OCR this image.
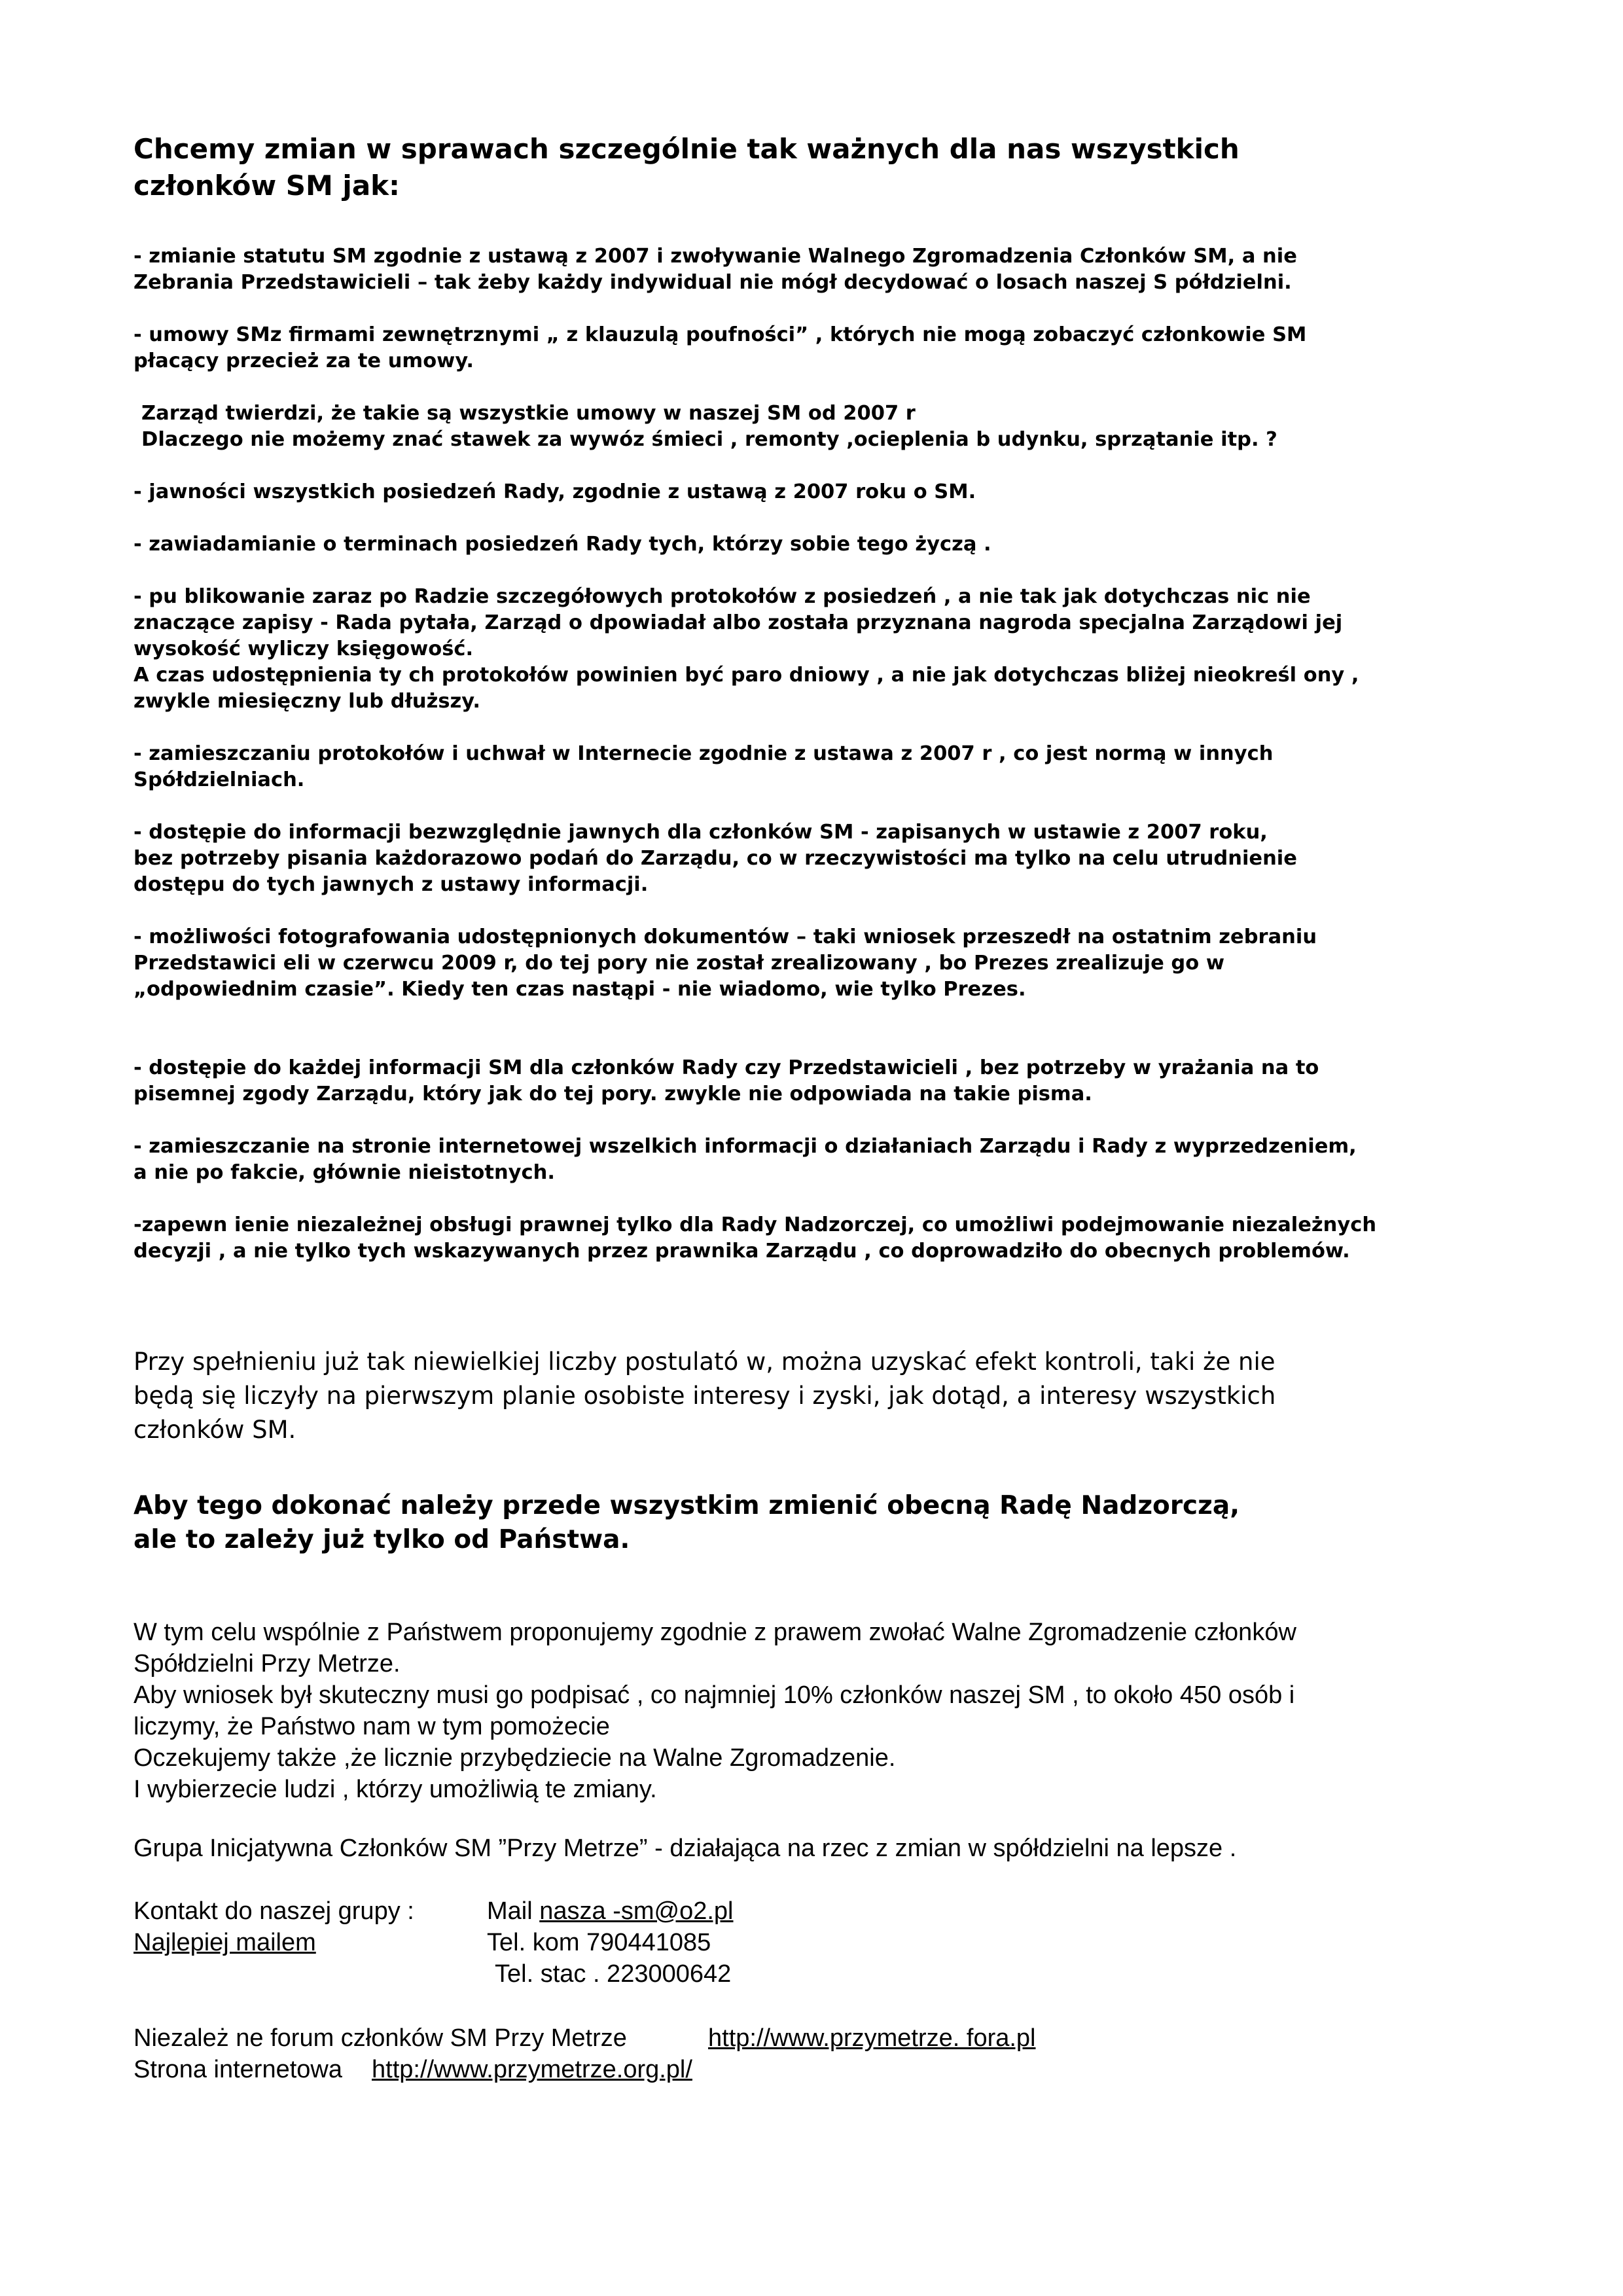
Chcemy zmian w sprawach szczególnie tak ważnych dla nas wszystkich
członków SM jak:
- zmianie statutu SM zgodnie z ustawą z 2007 i zwoływanie Walnego Zgromadzenia Członków SM, a nie
Zebrania Przedstawicieli – tak żeby każdy indywidual nie mógł decydować o losach naszej S półdzielni.
- umowy SMz firmami zewnętrznymi „ z klauzulą poufności” , których nie mogą zobaczyć członkowie SM
płacący przecież za te umowy.
Zarząd twierdzi, że takie są wszystkie umowy w naszej SM od 2007 r
Dlaczego nie możemy znać stawek za wywóz śmieci , remonty ,ocieplenia b udynku, sprzątanie itp. ?
- jawności wszystkich posiedzeń Rady, zgodnie z ustawą z 2007 roku o SM.
- zawiadamianie o terminach posiedzeń Rady tych, którzy sobie tego życzą .
- pu blikowanie zaraz po Radzie szczegółowych protokołów z posiedzeń , a nie tak jak dotychczas nic nie
znaczące zapisy - Rada pytała, Zarząd o dpowiadał albo została przyznana nagroda specjalna Zarządowi jej
wysokość wyliczy księgowość.
A czas udostępnienia ty ch protokołów powinien być paro dniowy , a nie jak dotychczas bliżej nieokreśl ony ,
zwykle miesięczny lub dłuższy.
- zamieszczaniu protokołów i uchwał w Internecie zgodnie z ustawa z 2007 r , co jest normą w innych
Spółdzielniach.
- dostępie do informacji bezwzględnie jawnych dla członków SM - zapisanych w ustawie z 2007 roku,
bez potrzeby pisania każdorazowo podań do Zarządu, co w rzeczywistości ma tylko na celu utrudnienie
dostępu do tych jawnych z ustawy informacji.
- możliwości fotografowania udostępnionych dokumentów – taki wniosek przeszedł na ostatnim zebraniu
Przedstawici eli w czerwcu 2009 r, do tej pory nie został zrealizowany , bo Prezes zrealizuje go w
„odpowiednim czasie”. Kiedy ten czas nastąpi - nie wiadomo, wie tylko Prezes.
- dostępie do każdej informacji SM dla członków Rady czy Przedstawicieli , bez potrzeby w yrażania na to
pisemnej zgody Zarządu, który jak do tej pory. zwykle nie odpowiada na takie pisma.
- zamieszczanie na stronie internetowej wszelkich informacji o działaniach Zarządu i Rady z wyprzedzeniem,
a nie po fakcie, głównie nieistotnych.
-zapewn ienie niezależnej obsługi prawnej tylko dla Rady Nadzorczej, co umożliwi podejmowanie niezależnych
decyzji , a nie tylko tych wskazywanych przez prawnika Zarządu , co doprowadziło do obecnych problemów.
Przy spełnieniu już tak niewielkiej liczby postulató w, można uzyskać efekt kontroli, taki że nie
będą się liczyły na pierwszym planie osobiste interesy i zyski, jak dotąd, a interesy wszystkich
członków SM.
Aby tego dokonać należy przede wszystkim zmienić obecną Radę Nadzorczą,
ale to zależy już tylko od Państwa.
W tym celu wspólnie z Państwem proponujemy zgodnie z prawem zwołać Walne Zgromadzenie członków
Spółdzielni Przy Metrze.
Aby wniosek był skuteczny musi go podpisać , co najmniej 10% członków naszej SM , to około 450 osób i
liczymy, że Państwo nam w tym pomożecie
Oczekujemy także ,że licznie przybędziecie na Walne Zgromadzenie.
I wybierzecie ludzi , którzy umożliwią te zmiany.
Grupa Inicjatywna Członków SM ”Przy Metrze” - działająca na rzec z zmian w spółdzielni na lepsze .
Kontakt do naszej grupy :	Mail nasza -sm@o2.pl
Najlepiej mailem	Tel. kom 790441085
Tel. stac . 223000642
Niezależ ne forum członków SM Przy Metrze	http://www.przymetrze. fora.pl
Strona internetowa http://www.przymetrze.org.pl/
